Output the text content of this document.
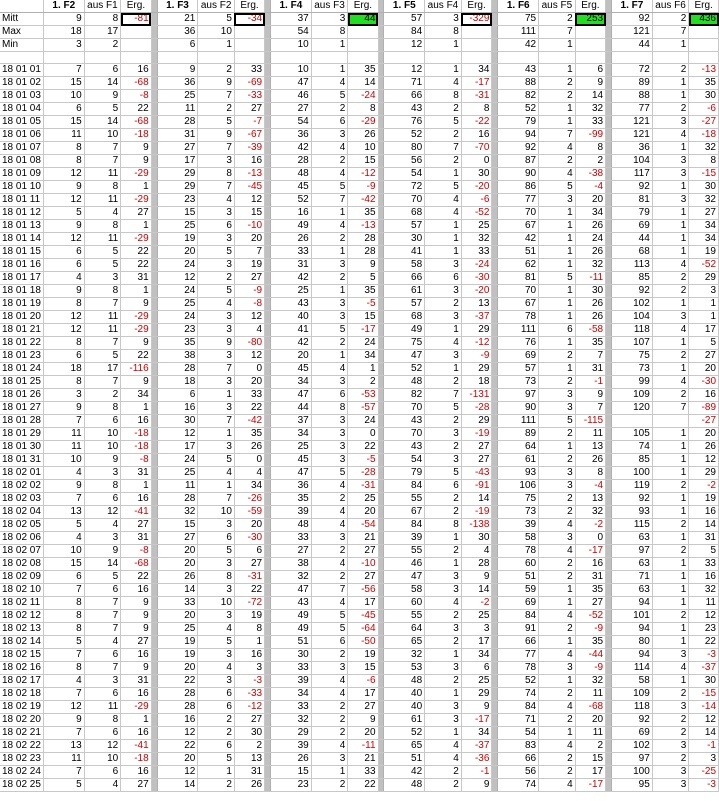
	1. F2	aus F1	Erg.		1. F3	aus F2	Erg.		1. F4	aus F3	Erg.		1. F5	aus F4	Erg.		1. F6	aus F5	Erg.		1. F7	aus F6	Erg.
Mitt	9	8	-81		21	5	-34		37	3	44		57	3	-329		75	2	253		92	2	436
Max	18	17			36	10			54	8			84	8			111	7			121	7	
Min	3	2			6	1			10	1			12	1			42	1			44	1	

18 01 01	7	6	16		9	2	33		10	1	35		12	1	34		43	1	6		72	2	-13
18 01 02	15	14	-68		36	9	-69		47	4	14		71	4	-17		88	2	9		89	1	35
18 01 03	10	9	-8		25	7	-33		46	5	-24		66	8	-31		82	2	14		88	1	30
18 01 04	6	5	22		11	2	27		27	2	8		43	2	8		52	1	32		77	2	-6
18 01 05	15	14	-68		28	5	-7		54	6	-29		76	5	-22		79	1	33		121	3	-27
18 01 06	11	10	-18		31	9	-67		36	3	26		52	2	16		94	7	-99		121	4	-18
18 01 07	8	7	9		27	7	-39		42	4	10		80	7	-70		92	4	8		36	1	32
18 01 08	8	7	9		17	3	16		28	2	15		56	2	0		87	2	2		104	3	8
18 01 09	12	11	-29		29	8	-13		48	4	-12		54	1	30		90	4	-38		117	3	-15
18 01 10	9	8	1		29	7	-45		45	5	-9		72	5	-20		86	5	-4		92	1	30
18 01 11	12	11	-29		23	4	12		52	7	-42		70	4	-6		77	3	20		81	3	32
18 01 12	5	4	27		15	3	15		16	1	35		68	4	-52		70	1	34		79	1	27
18 01 13	9	8	1		25	6	-10		49	4	-13		57	1	25		67	1	26		69	1	34
18 01 14	12	11	-29		19	3	20		26	2	28		30	1	32		42	1	24		44	1	34
18 01 15	6	5	22		20	5	7		33	1	28		41	1	33		51	1	26		68	1	19
18 01 16	6	5	22		24	3	19		31	3	9		58	3	-24		62	1	32		113	4	-52
18 01 17	4	3	31		12	2	27		42	2	5		66	6	-30		81	5	-11		85	2	29
18 01 18	9	8	1		24	5	-9		25	1	35		61	3	-20		70	1	30		92	2	3
18 01 19	8	7	9		25	4	-8		43	3	-5		57	2	13		67	1	26		102	1	1
18 01 20	12	11	-29		24	3	12		40	3	15		68	3	-37		78	1	26		104	3	1
18 01 21	12	11	-29		23	3	4		41	5	-17		49	1	29		111	6	-58		118	4	17
18 01 22	8	7	9		35	9	-80		42	2	24		75	4	-12		76	1	35		107	1	5
18 01 23	6	5	22		38	3	12		20	1	34		47	3	-9		69	2	7		75	2	27
18 01 24	18	17	-116		28	7	0		45	4	1		52	1	29		57	1	31		73	1	20
18 01 25	8	7	9		18	3	20		34	3	2		48	2	18		73	2	-1		99	4	-30
18 01 26	3	2	34		6	1	33		47	6	-53		82	7	-131		97	3	9		109	2	16
18 01 27	9	8	1		16	3	22		44	8	-57		70	5	-28		90	3	7		120	7	-89
18 01 28	7	6	16		30	7	-42		37	3	24		43	2	29		111	5	-115				-27
18 01 29	11	10	-18		12	1	35		34	3	0		70	3	-19		89	2	11		105	1	20
18 01 30	11	10	-18		17	3	26		25	3	22		43	2	27		64	1	13		74	1	26
18 01 31	10	9	-8		24	5	0		45	3	-5		54	3	27		61	2	26		85	1	12
18 02 01	4	3	31		25	4	4		47	5	-28		79	5	-43		93	3	8		100	1	29
18 02 02	9	8	1		11	1	34		36	4	-31		84	6	-91		106	3	-4		119	2	-2
18 02 03	7	6	16		28	7	-26		35	2	25		55	2	14		75	2	13		92	1	19
18 02 04	13	12	-41		32	10	-59		39	4	20		67	2	-19		73	2	32		93	1	16
18 02 05	5	4	27		15	3	20		48	4	-54		84	8	-138		39	4	-2		115	2	14
18 02 06	4	3	31		27	6	-30		33	3	21		39	1	30		58	3	0		63	1	31
18 02 07	10	9	-8		20	5	6		27	2	27		55	2	4		78	4	-17		97	2	5
18 02 08	15	14	-68		20	3	27		38	4	-10		46	1	28		60	2	16		63	1	33
18 02 09	6	5	22		26	8	-31		32	2	27		47	3	9		51	2	31		71	1	16
18 02 10	7	6	16		14	3	22		47	7	-56		58	3	14		59	1	35		63	1	32
18 02 11	8	7	9		33	10	-72		43	4	17		60	4	-2		69	1	27		94	1	11
18 02 12	8	7	9		20	3	19		49	5	-45		55	2	25		84	4	-52		101	2	12
18 02 13	8	7	9		25	4	8		49	5	-64		64	3	3		91	2	-9		94	1	23
18 02 14	5	4	27		19	5	1		51	6	-50		65	2	17		66	1	35		80	1	22
18 02 15	7	6	16		19	3	16		30	2	19		32	1	34		77	4	-44		94	3	-3
18 02 16	8	7	9		20	4	3		33	3	15		53	3	6		78	3	-9		114	4	-37
18 02 17	4	3	31		22	3	-3		39	4	-6		48	2	25		52	1	32		58	1	30
18 02 18	7	6	16		28	6	-33		34	4	17		40	1	29		74	2	11		109	2	-15
18 02 19	12	11	-29		28	6	-12		33	2	27		40	3	9		84	4	-68		118	3	-14
18 02 20	9	8	1		16	2	27		32	2	9		61	3	-17		71	2	20		92	2	12
18 02 21	7	6	16		12	2	30		29	2	20		52	1	34		54	1	11		69	2	14
18 02 22	13	12	-41		22	6	2		39	4	-11		65	4	-37		83	4	2		102	3	-1
18 02 23	11	10	-18		20	5	13		26	3	21		51	4	-36		66	2	15		97	2	3
18 02 24	7	6	16		12	1	31		15	1	33		42	2	-1		56	2	17		100	3	-25
18 02 25	5	4	27		14	2	26		23	2	22		48	2	9		74	4	-17		95	3	-3
